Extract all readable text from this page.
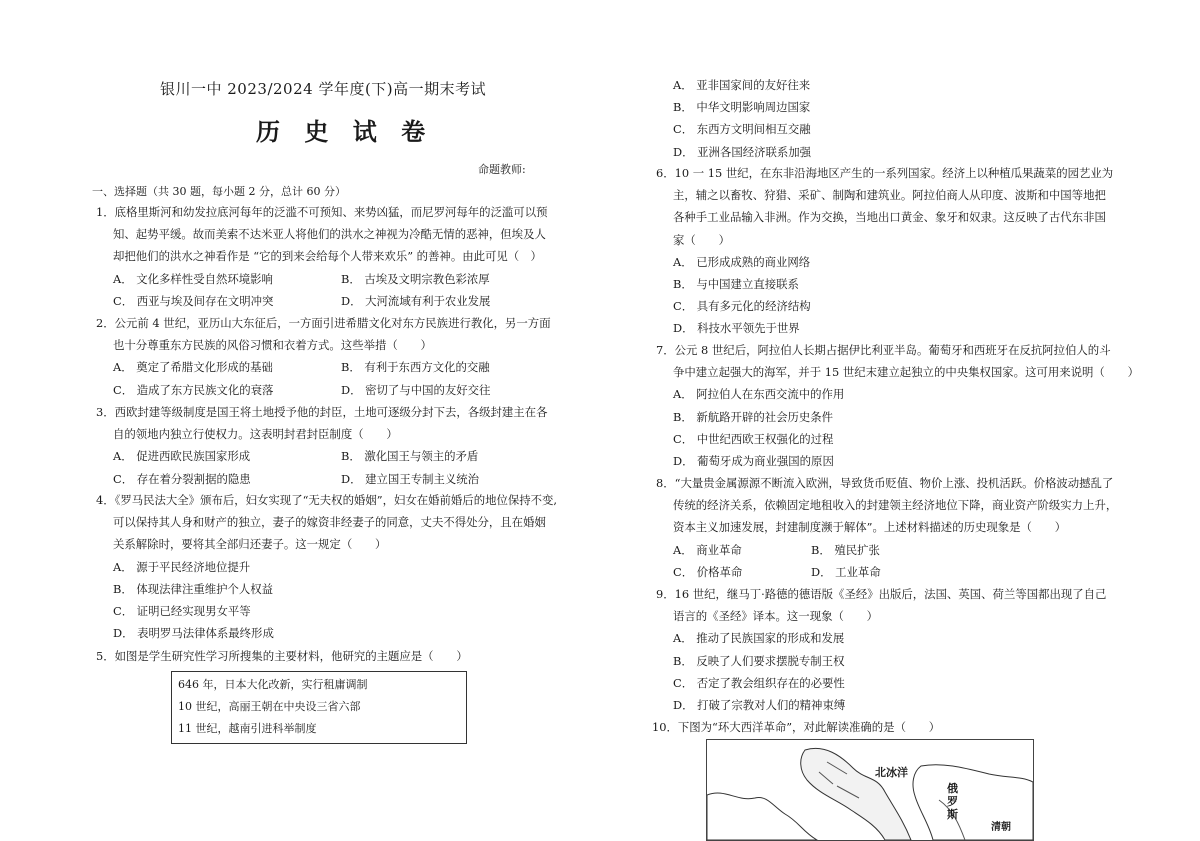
银川一中 2023/2024 学年度(下)高一期末考试
历 史 试 卷
命题教师:
一、选择题（共 30 题，每小题 2 分，总计 60 分）

1．底格里斯河和幼发拉底河每年的泛滥不可预知、来势凶猛，而尼罗河每年的泛滥可以预

知、起势平缓。故而美索不达米亚人将他们的洪水之神视为冷酷无情的恶神，但埃及人

却把他们的洪水之神看作是 “它的到来会给每个人带来欢乐” 的善神。由此可见（　）

A． 文化多样性受自然环境影响	B． 古埃及文明宗教色彩浓厚
C． 西亚与埃及间存在文明冲突	D． 大河流域有利于农业发展

2．公元前 4 世纪，亚历山大东征后，一方面引进希腊文化对东方民族进行教化，另一方面

也十分尊重东方民族的风俗习惯和衣着方式。这些举措（　　）

A． 奠定了希腊文化形成的基础	B． 有利于东西方文化的交融
C． 造成了东方民族文化的衰落	D． 密切了与中国的友好交往

3．西欧封建等级制度是国王将土地授予他的封臣，土地可逐级分封下去，各级封建主在各

自的领地内独立行使权力。这表明封君封臣制度（　　）

A． 促进西欧民族国家形成	B． 激化国王与领主的矛盾
C． 存在着分裂割据的隐患	D． 建立国王专制主义统治

4．《罗马民法大全》颁布后，妇女实现了“无夫权的婚姻”，妇女在婚前婚后的地位保持不变,

可以保持其人身和财产的独立，妻子的嫁资非经妻子的同意，丈夫不得处分，且在婚姻

关系解除时，要将其全部归还妻子。这一规定（　　）

A． 源于平民经济地位提升

B． 体现法律注重维护个人权益

C． 证明已经实现男女平等

D． 表明罗马法律体系最终形成

5．如图是学生研究性学习所搜集的主要材料，他研究的主题应是（　　）

646 年，日本大化改新，实行租庸调制

10 世纪，高丽王朝在中央设三省六部

11 世纪，越南引进科举制度

A． 亚非国家间的友好往来

B． 中华文明影响周边国家

C． 东西方文明间相互交融

D． 亚洲各国经济联系加强

6．10 一 15 世纪，在东非沿海地区产生的一系列国家。经济上以种植瓜果蔬菜的园艺业为

主，辅之以畜牧、狩猎、采矿、制陶和建筑业。阿拉伯商人从印度、波斯和中国等地把

各种手工业品输入非洲。作为交换，当地出口黄金、象牙和奴隶。这反映了古代东非国

家（　　）

A． 已形成成熟的商业网络

B． 与中国建立直接联系

C． 具有多元化的经济结构

D． 科技水平领先于世界

7．公元 8 世纪后，阿拉伯人长期占据伊比利亚半岛。葡萄牙和西班牙在反抗阿拉伯人的斗

争中建立起强大的海军，并于 15 世纪末建立起独立的中央集权国家。这可用来说明（　　）

A． 阿拉伯人在东西交流中的作用

B． 新航路开辟的社会历史条件

C． 中世纪西欧王权强化的过程

D． 葡萄牙成为商业强国的原因

8．“大量贵金属源源不断流入欧洲，导致货币贬值、物价上涨、投机活跃。价格波动撼乱了

传统的经济关系，依赖固定地租收入的封建领主经济地位下降，商业资产阶级实力上升，

资本主义加速发展，封建制度濒于解体”。上述材料描述的历史现象是（　　）

A． 商业革命	B． 殖民扩张
C． 价格革命	D． 工业革命

9．16 世纪，继马丁·路德的德语版《圣经》出版后，法国、英国、荷兰等国都出现了自己

语言的《圣经》译本。这一现象（　　）

A． 推动了民族国家的形成和发展

B． 反映了人们要求摆脱专制王权

C． 否定了教会组织存在的必要性

D． 打破了宗教对人们的精神束缚

10．下图为“环大西洋革命”，对此解读准确的是（　　）

北冰洋
俄罗斯
清朝
